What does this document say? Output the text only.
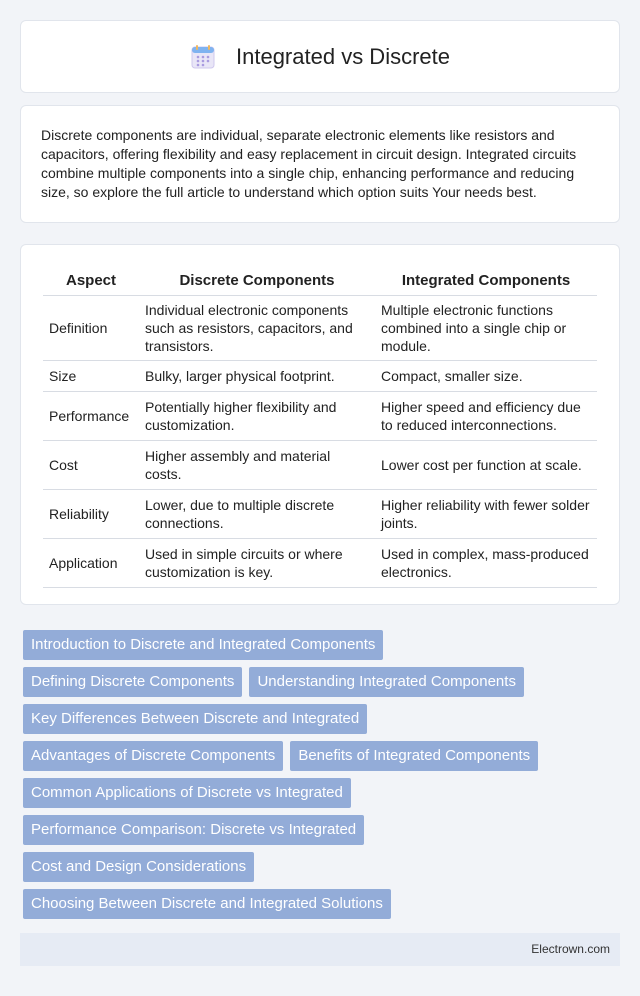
Integrated vs Discrete

Discrete components are individual, separate electronic elements like resistors and capacitors, offering flexibility and easy replacement in circuit design. Integrated circuits combine multiple components into a single chip, enhancing performance and reducing size, so explore the full article to understand which option suits Your needs best.

Aspect	Discrete Components	Integrated Components
Definition	Individual electronic components such as resistors, capacitors, and transistors.	Multiple electronic functions combined into a single chip or module.
Size	Bulky, larger physical footprint.	Compact, smaller size.
Performance	Potentially higher flexibility and customization.	Higher speed and efficiency due to reduced interconnections.
Cost	Higher assembly and material costs.	Lower cost per function at scale.
Reliability	Lower, due to multiple discrete connections.	Higher reliability with fewer solder joints.
Application	Used in simple circuits or where customization is key.	Used in complex, mass-produced electronics.
Introduction to Discrete and Integrated Components
Defining Discrete Components	Understanding Integrated Components
Key Differences Between Discrete and Integrated
Advantages of Discrete Components	Benefits of Integrated Components
Common Applications of Discrete vs Integrated
Performance Comparison: Discrete vs Integrated
Cost and Design Considerations
Choosing Between Discrete and Integrated Solutions
Electrown.com
